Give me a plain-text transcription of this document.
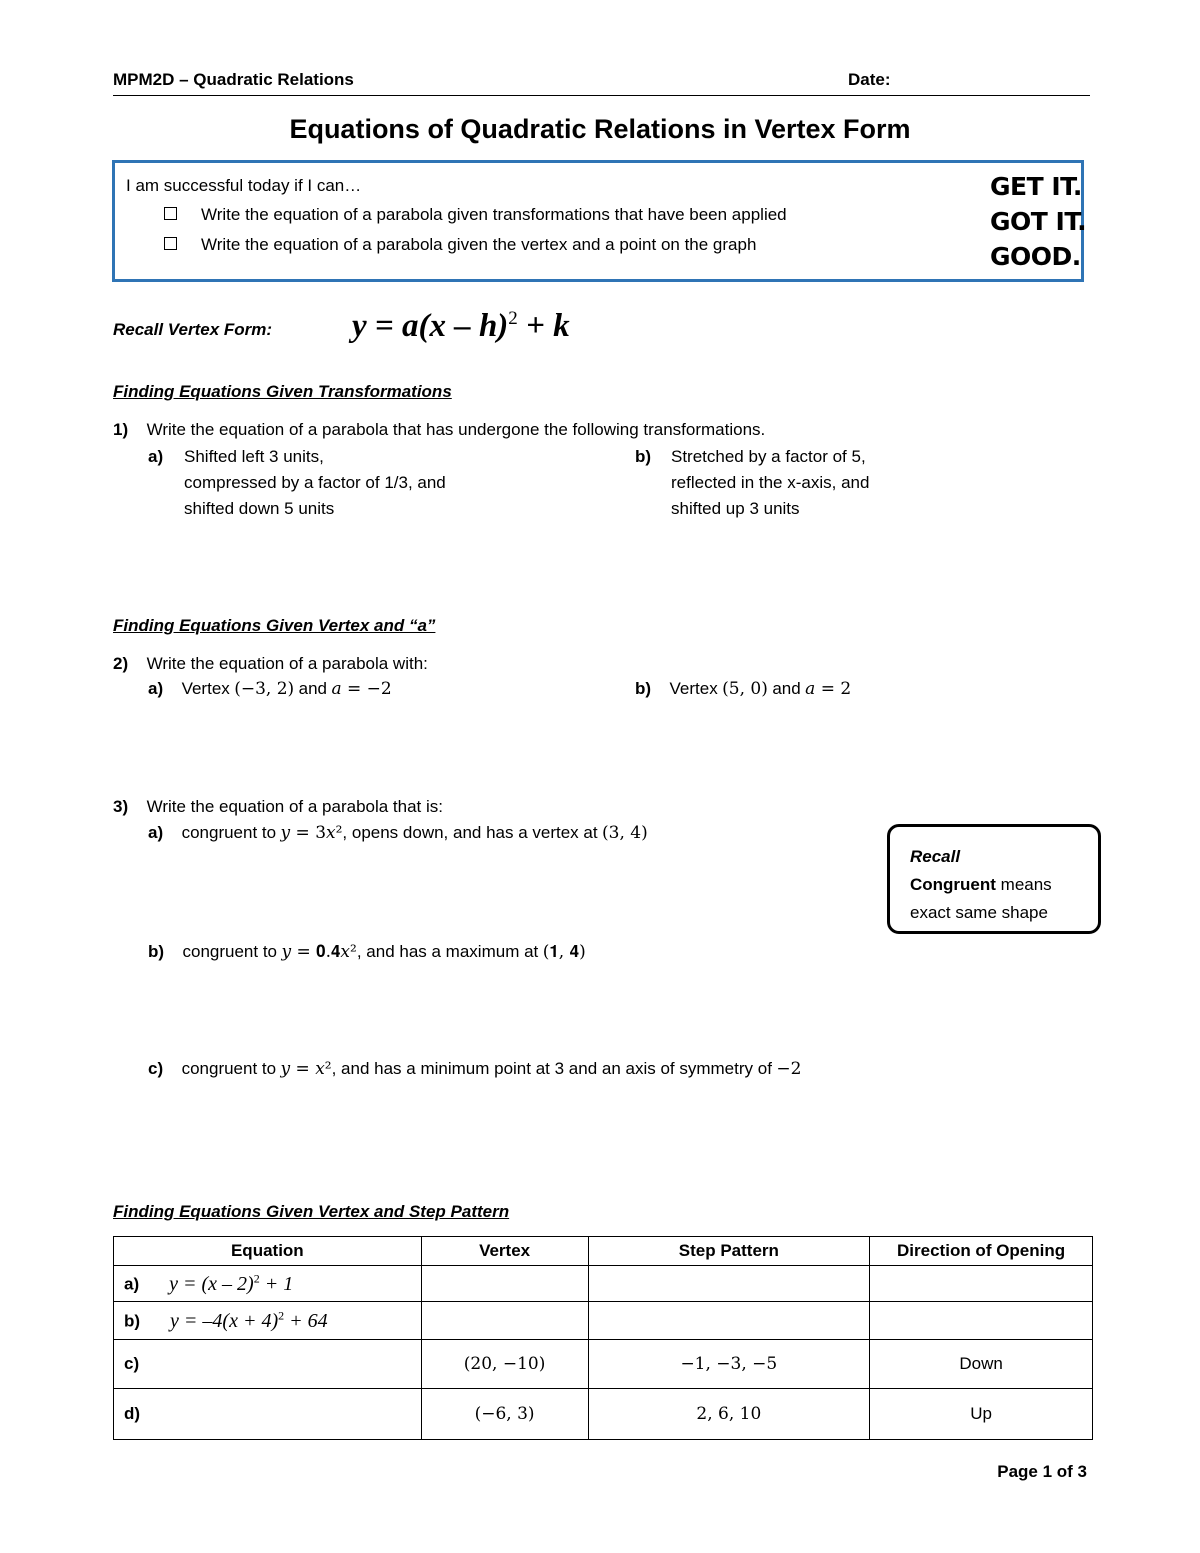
MPM2D – Quadratic Relations	Date:
Equations of Quadratic Relations in Vertex Form
I am successful today if I can…
Write the equation of a parabola given transformations that have been applied
Write the equation of a parabola given the vertex and a point on the graph
GET IT.
GOT IT.
GOOD.
Recall Vertex Form: y = a(x – h)$^2$ + k
Finding Equations Given Transformations
1) Write the equation of a parabola that has undergone the following transformations.
a) Shifted left 3 units,
compressed by a factor of 1/3, and
shifted down 5 units
b) Stretched by a factor of 5,
reflected in the x-axis, and
shifted up 3 units
Finding Equations Given Vertex and “a”
2) Write the equation of a parabola with:
a) Vertex (−3, 2) and 𝑎 = −2	b) Vertex (5, 0) and 𝑎 = 2
3) Write the equation of a parabola that is:
a) congruent to 𝑦 = 3𝑥², opens down, and has a vertex at (3, 4)
b) congruent to 𝑦 = 𝟎.𝟒𝑥², and has a maximum at (𝟏, 𝟒)
c) congruent to 𝑦 = 𝑥², and has a minimum point at 3 and an axis of symmetry of −2
Recall
Congruent means
exact same shape
Finding Equations Given Vertex and Step Pattern
Equation	Vertex	Step Pattern	Direction of Opening
a) y = (x – 2)$^2$ + 1			
b) $y = -4(x + 4)^2 + 64$			
c)	(20, −10)	−1, −3, −5	Down
d)	(−6, 3)	2, 6, 10	Up
Page 1 of 3
